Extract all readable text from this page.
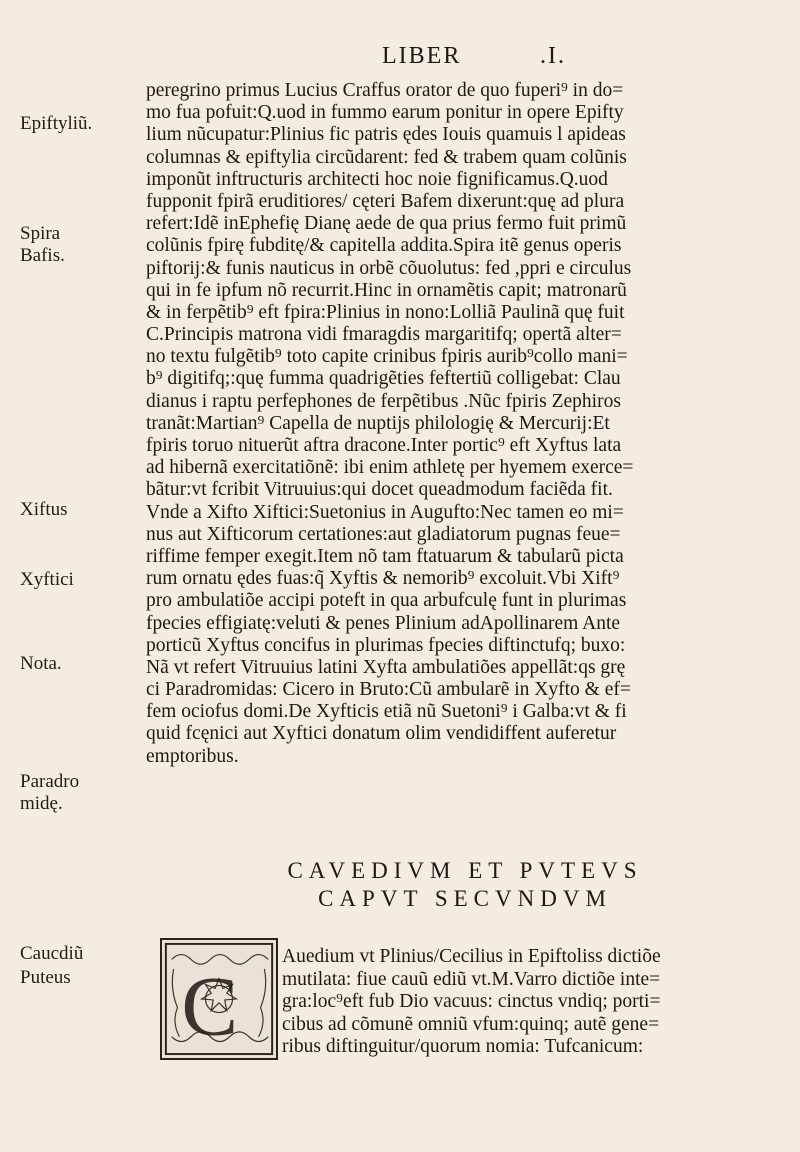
LIBER	.I.
Epiftyliũ.
Spira
Bafis.
Xiftus
Xyftici
Nota.
Paradro
midę.
Caucdiũ
Puteus
peregrino primus Lucius Craffus orator de quo fuperi⁹ in do=
mo fua pofuit:Q.uod in fummo earum ponitur in opere Epifty
lium nũcupatur:Plinius fic patris ędes Iouis quamuis l apideas
columnas & epiftylia circũdarent: fed & trabem quam colũnis
imponũt inftructuris architecti hoc noie fignificamus.Q.uod
fupponit fpirã eruditiores/ cęteri Bafem dixerunt:quę ad plura
refert:Idẽ inEphefię Dianę aede de qua prius fermo fuit primũ
colũnis fpirę fubditę/& capitella addita.Spira itẽ genus operis
piftorij:& funis nauticus in orbẽ cõuolutus: fed ,ppri e circulus
qui in fe ipfum nõ recurrit.Hinc in ornamẽtis capit; matronarũ
& in ferpẽtib⁹ eft fpira:Plinius in nono:Lolliã Paulinã quę fuit
C.Principis matrona vidi fmaragdis margaritifq; opertã alter=
no textu fulgẽtib⁹ toto capite crinibus fpiris aurib⁹collo mani=
b⁹ digitifq;:quę fumma quadrigẽties feftertiũ colligebat: Clau
dianus i raptu perfephones de ferpẽtibus .Nũc fpiris Zephiros
tranãt:Martian⁹ Capella de nuptijs philologię & Mercurij:Et
fpiris toruo nituerũt aftra dracone.Inter portic⁹ eft Xyftus lata
ad hibernã exercitatiõnẽ: ibi enim athletę per hyemem exerce=
bãtur:vt fcribit Vitruuius:qui docet queadmodum faciẽda fit.
Vnde a Xifto Xiftici:Suetonius in Augufto:Nec tamen eo mi=
nus aut Xifticorum certationes:aut gladiatorum pugnas feue=
riffime femper exegit.Item nõ tam ftatuarum & tabularũ picta
rum ornatu ędes fuas:q̃ Xyftis & nemorib⁹ excoluit.Vbi Xift⁹
pro ambulatiõe accipi poteft in qua arbufculę funt in plurimas
fpecies effigiatę:veluti & penes Plinium adApollinarem Ante
porticũ Xyftus concifus in plurimas fpecies diftinctufq; buxo:
Nã vt refert Vitruuius latini Xyfta ambulatiões appellãt:qs grę
ci Paradromidas: Cicero in Bruto:Cũ ambularẽ in Xyfto & ef=
fem ociofus domi.De Xyfticis etiã nũ Suetoni⁹ i Galba:vt & fi
quid fcęnici aut Xyftici donatum olim vendidiffent auferetur
emptoribus.
CAVEDIVM ET PVTEVS
CAPVT SECVNDVM
C
Auedium vt Plinius/Cecilius in Epiftoliss dictiõe
mutilata: fiue cauũ ediũ vt.M.Varro dictiõe inte=
gra:loc⁹eft fub Dio vacuus: cinctus vndiq; porti=
cibus ad cõmunẽ omniũ vfum:quinq; autẽ gene=
ribus diftinguitur/quorum nomia: Tufcanicum:
